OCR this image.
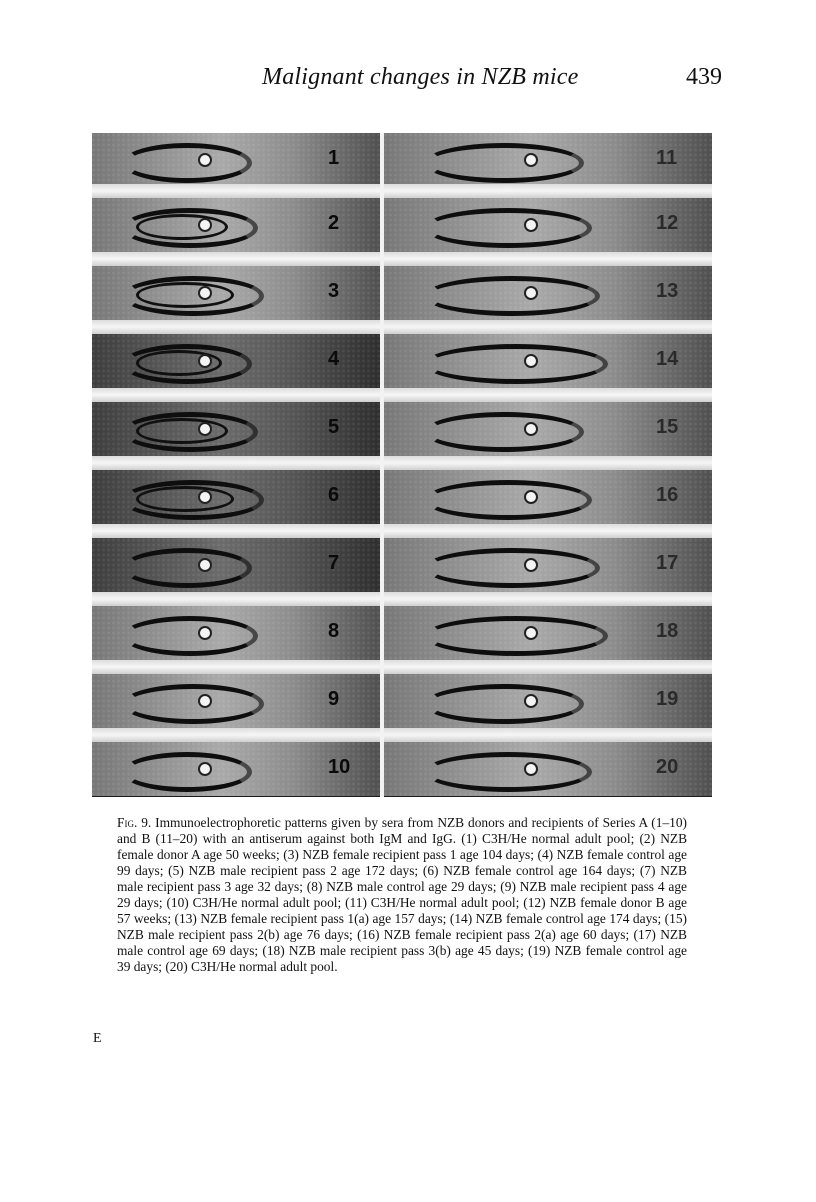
Malignant changes in NZB mice	439
1
2
3
4
5
6
7
8
9
10
11
12
13
14
15
16
17
18
19
20
Fig. 9. Immunoelectrophoretic patterns given by sera from NZB donors and recipients of Series A (1–10) and B (11–20) with an antiserum against both IgM and IgG. (1) C3H/He normal adult pool; (2) NZB female donor A age 50 weeks; (3) NZB female recipient pass 1 age 104 days; (4) NZB female control age 99 days; (5) NZB male recipient pass 2 age 172 days; (6) NZB female control age 164 days; (7) NZB male recipient pass 3 age 32 days; (8) NZB male control age 29 days; (9) NZB male recipient pass 4 age 29 days; (10) C3H/He normal adult pool; (11) C3H/He normal adult pool; (12) NZB female donor B age 57 weeks; (13) NZB female recipient pass 1(a) age 157 days; (14) NZB female control age 174 days; (15) NZB male recipient pass 2(b) age 76 days; (16) NZB female recipient pass 2(a) age 60 days; (17) NZB male control age 69 days; (18) NZB male recipient pass 3(b) age 45 days; (19) NZB female control age 39 days; (20) C3H/He normal adult pool.
E
